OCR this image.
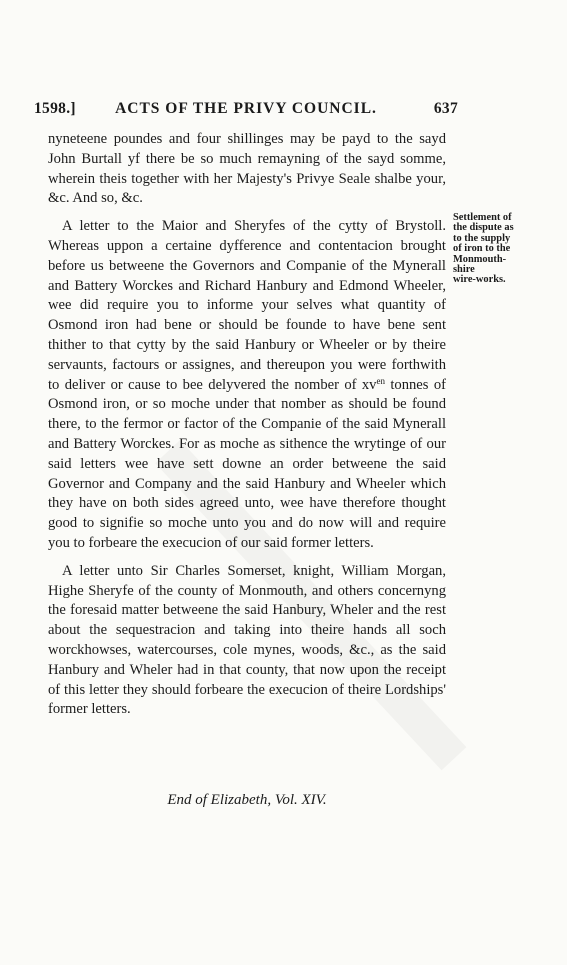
1598.]	ACTS OF THE PRIVY COUNCIL.	637

nyneteene poundes and four shillinges may be payd to the sayd John Burtall yf there be so much remayning of the sayd somme, wherein theis together with her Majesty's Privye Seale shalbe your, &c. And so, &c.

A letter to the Maior and Sheryfes of the cytty of Brystoll. Whereas uppon a certaine dyfference and contentacion brought before us betweene the Governors and Companie of the Mynerall and Battery Worckes and Richard Hanbury and Edmond Wheeler, wee did require you to informe your selves what quantity of Osmond iron had bene or should be founde to have bene sent thither to that cytty by the said Hanbury or Wheeler or by theire servaunts, factours or assignes, and thereupon you were forthwith to deliver or cause to bee delyvered the nomber of $xv^{en}$ tonnes of Osmond iron, or so moche under that nomber as should be found there, to the fermor or factor of the Companie of the said Mynerall and Battery Worckes. For as moche as sithence the wrytinge of our said letters wee have sett downe an order betweene the said Governor and Company and the said Hanbury and Wheeler which they have on both sides agreed unto, wee have therefore thought good to signifie so moche unto you and do now will and require you to forbeare the execucion of our said former letters.

A letter unto Sir Charles Somerset, knight, William Morgan, Highe Sheryfe of the county of Monmouth, and others concernyng the foresaid matter betweene the said Hanbury, Wheler and the rest about the sequestracion and taking into theire hands all soch worckhowses, watercourses, cole mynes, woods, &c., as the said Hanbury and Wheler had in that county, that now upon the receipt of this letter they should forbeare the execucion of theire Lordships' former letters.

Settlement of
the dispute as
to the supply
of iron to the
Monmouth-
shire
wire-works.
End of Elizabeth, Vol. XIV.
